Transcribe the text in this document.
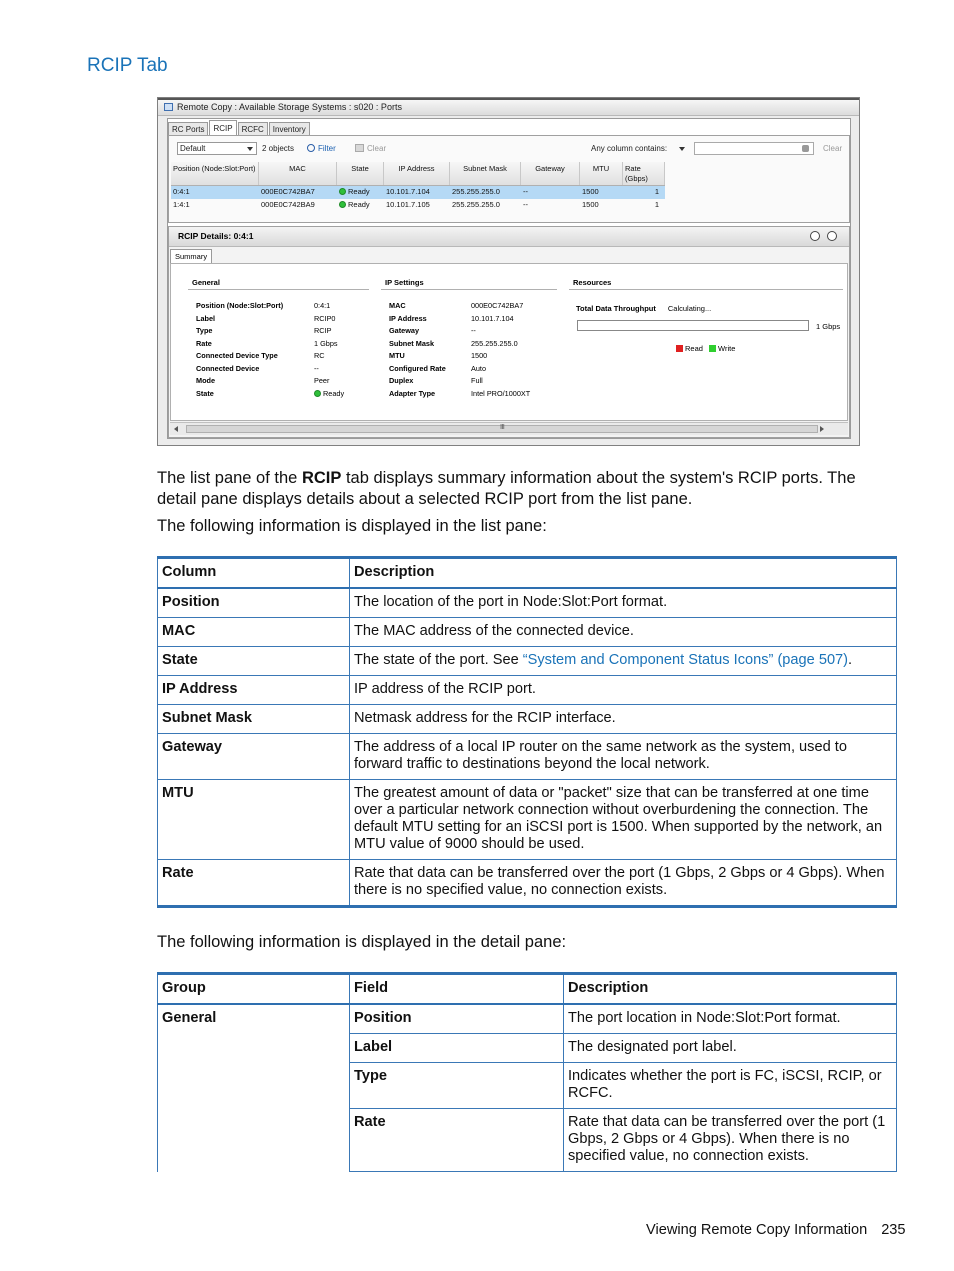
RCIP Tab
Remote Copy : Available Storage Systems : s020 : Ports
RC Ports	RCIP	RCFC	Inventory
Default	2 objects	Filter	Clear	Any column contains:	Clear
Position (Node:Slot:Port)	MAC	State	IP Address	Subnet Mask	Gateway	MTU	Rate (Gbps)
0:4:1	000E0C742BA7	Ready	10.101.7.104	255.255.255.0	--	1500	1
1:4:1	000E0C742BA9	Ready	10.101.7.105	255.255.255.0	--	1500	1
RCIP Details: 0:4:1
Summary
General	IP Settings	Resources
Position (Node:Slot:Port)	0:4:1
Label	RCIP0
Type	RCIP
Rate	1 Gbps
Connected Device Type	RC
Connected Device	--
Mode	Peer
State	Ready
MAC	000E0C742BA7
IP Address	10.101.7.104
Gateway	--
Subnet Mask	255.255.255.0
MTU	1500
Configured Rate	Auto
Duplex	Full
Adapter Type	Intel PRO/1000XT
Total Data Throughput Calculating...
1 Gbps
Read Write
Ⅲ
The list pane of the RCIP tab displays summary information about the system's RCIP ports. The detail pane displays details about a selected RCIP port from the list pane.
The following information is displayed in the list pane:
Column	Description
Position	The location of the port in Node:Slot:Port format.
MAC	The MAC address of the connected device.
State	The state of the port. See “System and Component Status Icons” (page 507).
IP Address	IP address of the RCIP port.
Subnet Mask	Netmask address for the RCIP interface.
Gateway	The address of a local IP router on the same network as the system, used to forward traffic to destinations beyond the local network.
MTU	The greatest amount of data or "packet" size that can be transferred at one time over a particular network connection without overburdening the connection. The default MTU setting for an iSCSI port is 1500. When supported by the network, an MTU value of 9000 should be used.
Rate	Rate that data can be transferred over the port (1 Gbps, 2 Gbps or 4 Gbps). When there is no specified value, no connection exists.
The following information is displayed in the detail pane:
Group	Field	Description
General	Position	The port location in Node:Slot:Port format.
	Label	The designated port label.
	Type	Indicates whether the port is FC, iSCSI, RCIP, or RCFC.
	Rate	Rate that data can be transferred over the port (1 Gbps, 2 Gbps or 4 Gbps). When there is no specified value, no connection exists.
Viewing Remote Copy Information 235
